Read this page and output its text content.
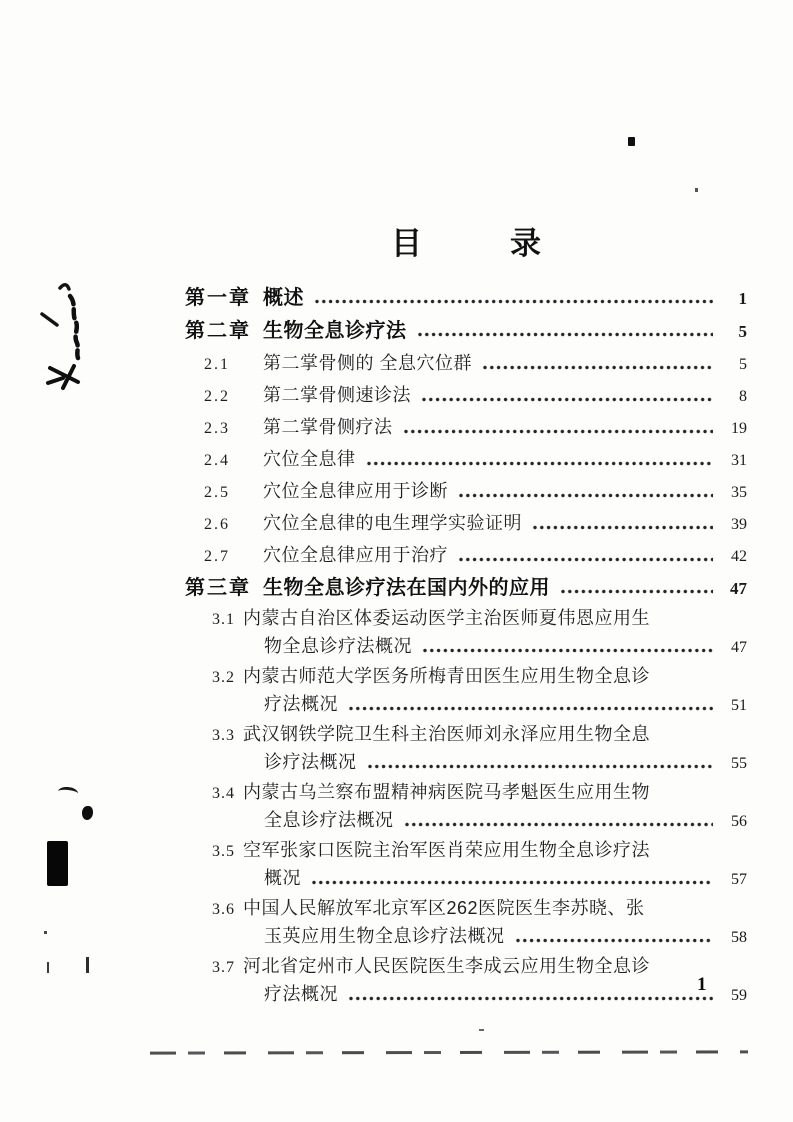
目录
第一章 概述	1
第二章 生物全息诊疗法	5
2.1	第二掌骨侧的 全息穴位群	5
2.2	第二掌骨侧速诊法	8
2.3	第二掌骨侧疗法	19
2.4	穴位全息律	31
2.5	穴位全息律应用于诊断	35
2.6	穴位全息律的电生理学实验证明	39
2.7	穴位全息律应用于治疗	42
第三章 生物全息诊疗法在国内外的应用	47
3.1 内蒙古自治区体委运动医学主治医师夏伟恩应用生
物全息诊疗法概况	47
3.2 内蒙古师范大学医务所梅青田医生应用生物全息诊
疗法概况	51
3.3 武汉钢铁学院卫生科主治医师刘永泽应用生物全息
诊疗法概况	55
3.4 内蒙古乌兰察布盟精神病医院马孝魁医生应用生物
全息诊疗法概况	56
3.5 空军张家口医院主治军医肖荣应用生物全息诊疗法
概况	57
3.6 中国人民解放军北京军区262医院医生李苏晓、张
玉英应用生物全息诊疗法概况	58
3.7 河北省定州市人民医院医生李成云应用生物全息诊
疗法概况	59
1
